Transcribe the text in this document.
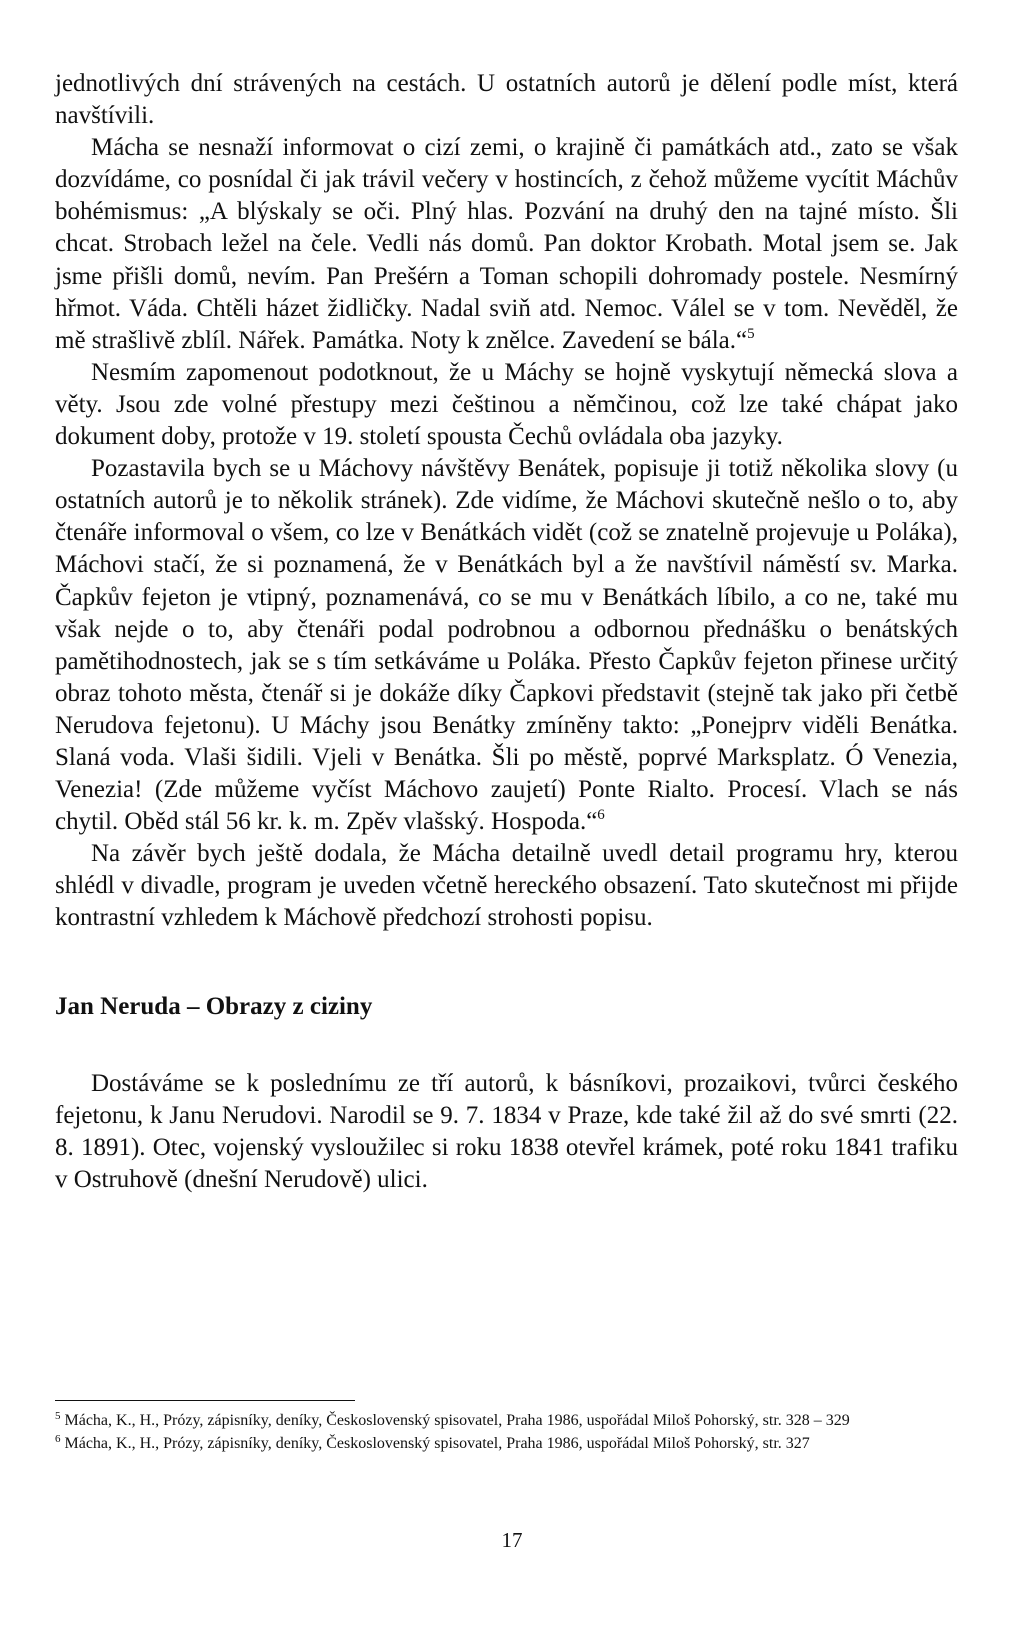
jednotlivých dní strávených na cestách. U ostatních autorů je dělení podle míst, která navštívili.

Mácha se nesnaží informovat o cizí zemi, o krajině či památkách atd., zato se však dozvídáme, co posnídal či jak trávil večery v hostincích, z čehož můžeme vycítit Máchův bohémismus: „A blýskaly se oči. Plný hlas. Pozvání na druhý den na tajné místo. Šli chcat. Strobach ležel na čele. Vedli nás domů. Pan doktor Krobath. Motal jsem se. Jak jsme přišli domů, nevím. Pan Prešérn a Toman schopili dohromady postele. Nesmírný hřmot. Váda. Chtěli házet židličky. Nadal sviň atd. Nemoc. Válel se v tom. Nevěděl, že mě strašlivě zblíl. Nářek. Památka. Noty k znělce. Zavedení se bála.“$^5$

Nesmím zapomenout podotknout, že u Máchy se hojně vyskytují německá slova a věty. Jsou zde volné přestupy mezi češtinou a němčinou, což lze také chápat jako dokument doby, protože v 19. století spousta Čechů ovládala oba jazyky.

Pozastavila bych se u Máchovy návštěvy Benátek, popisuje ji totiž několika slovy (u ostatních autorů je to několik stránek). Zde vidíme, že Máchovi skutečně nešlo o to, aby čtenáře informoval o všem, co lze v Benátkách vidět (což se znatelně projevuje u Poláka), Máchovi stačí, že si poznamená, že v Benátkách byl a že navštívil náměstí sv. Marka. Čapkův fejeton je vtipný, poznamenává, co se mu v Benátkách líbilo, a co ne, také mu však nejde o to, aby čtenáři podal podrobnou a odbornou přednášku o benátských pamětihodnostech, jak se s tím setkáváme u Poláka. Přesto Čapkův fejeton přinese určitý obraz tohoto města, čtenář si je dokáže díky Čapkovi představit (stejně tak jako při četbě Nerudova fejetonu). U Máchy jsou Benátky zmíněny takto: „Ponejprv viděli Benátka. Slaná voda. Vlaši šidili. Vjeli v Benátka. Šli po městě, poprvé Marksplatz. Ó Venezia, Venezia! (Zde můžeme vyčíst Máchovo zaujetí) Ponte Rialto. Procesí. Vlach se nás chytil. Oběd stál 56 kr. k. m. Zpěv vlašský. Hospoda.“$^6$

Na závěr bych ještě dodala, že Mácha detailně uvedl detail programu hry, kterou shlédl v divadle, program je uveden včetně hereckého obsazení. Tato skutečnost mi přijde kontrastní vzhledem k Máchově předchozí strohosti popisu.

Jan Neruda – Obrazy z ciziny

Dostáváme se k poslednímu ze tří autorů, k básníkovi, prozaikovi, tvůrci českého fejetonu, k Janu Nerudovi. Narodil se 9. 7. 1834 v Praze, kde také žil až do své smrti (22. 8. 1891). Otec, vojenský vysloužilec si roku 1838 otevřel krámek, poté roku 1841 trafiku v Ostruhově (dnešní Nerudově) ulici.

$^5$ Mácha, K., H., Prózy, zápisníky, deníky, Československý spisovatel, Praha 1986, uspořádal Miloš Pohorský, str. 328 – 329

$^6$ Mácha, K., H., Prózy, zápisníky, deníky, Československý spisovatel, Praha 1986, uspořádal Miloš Pohorský, str. 327

17
